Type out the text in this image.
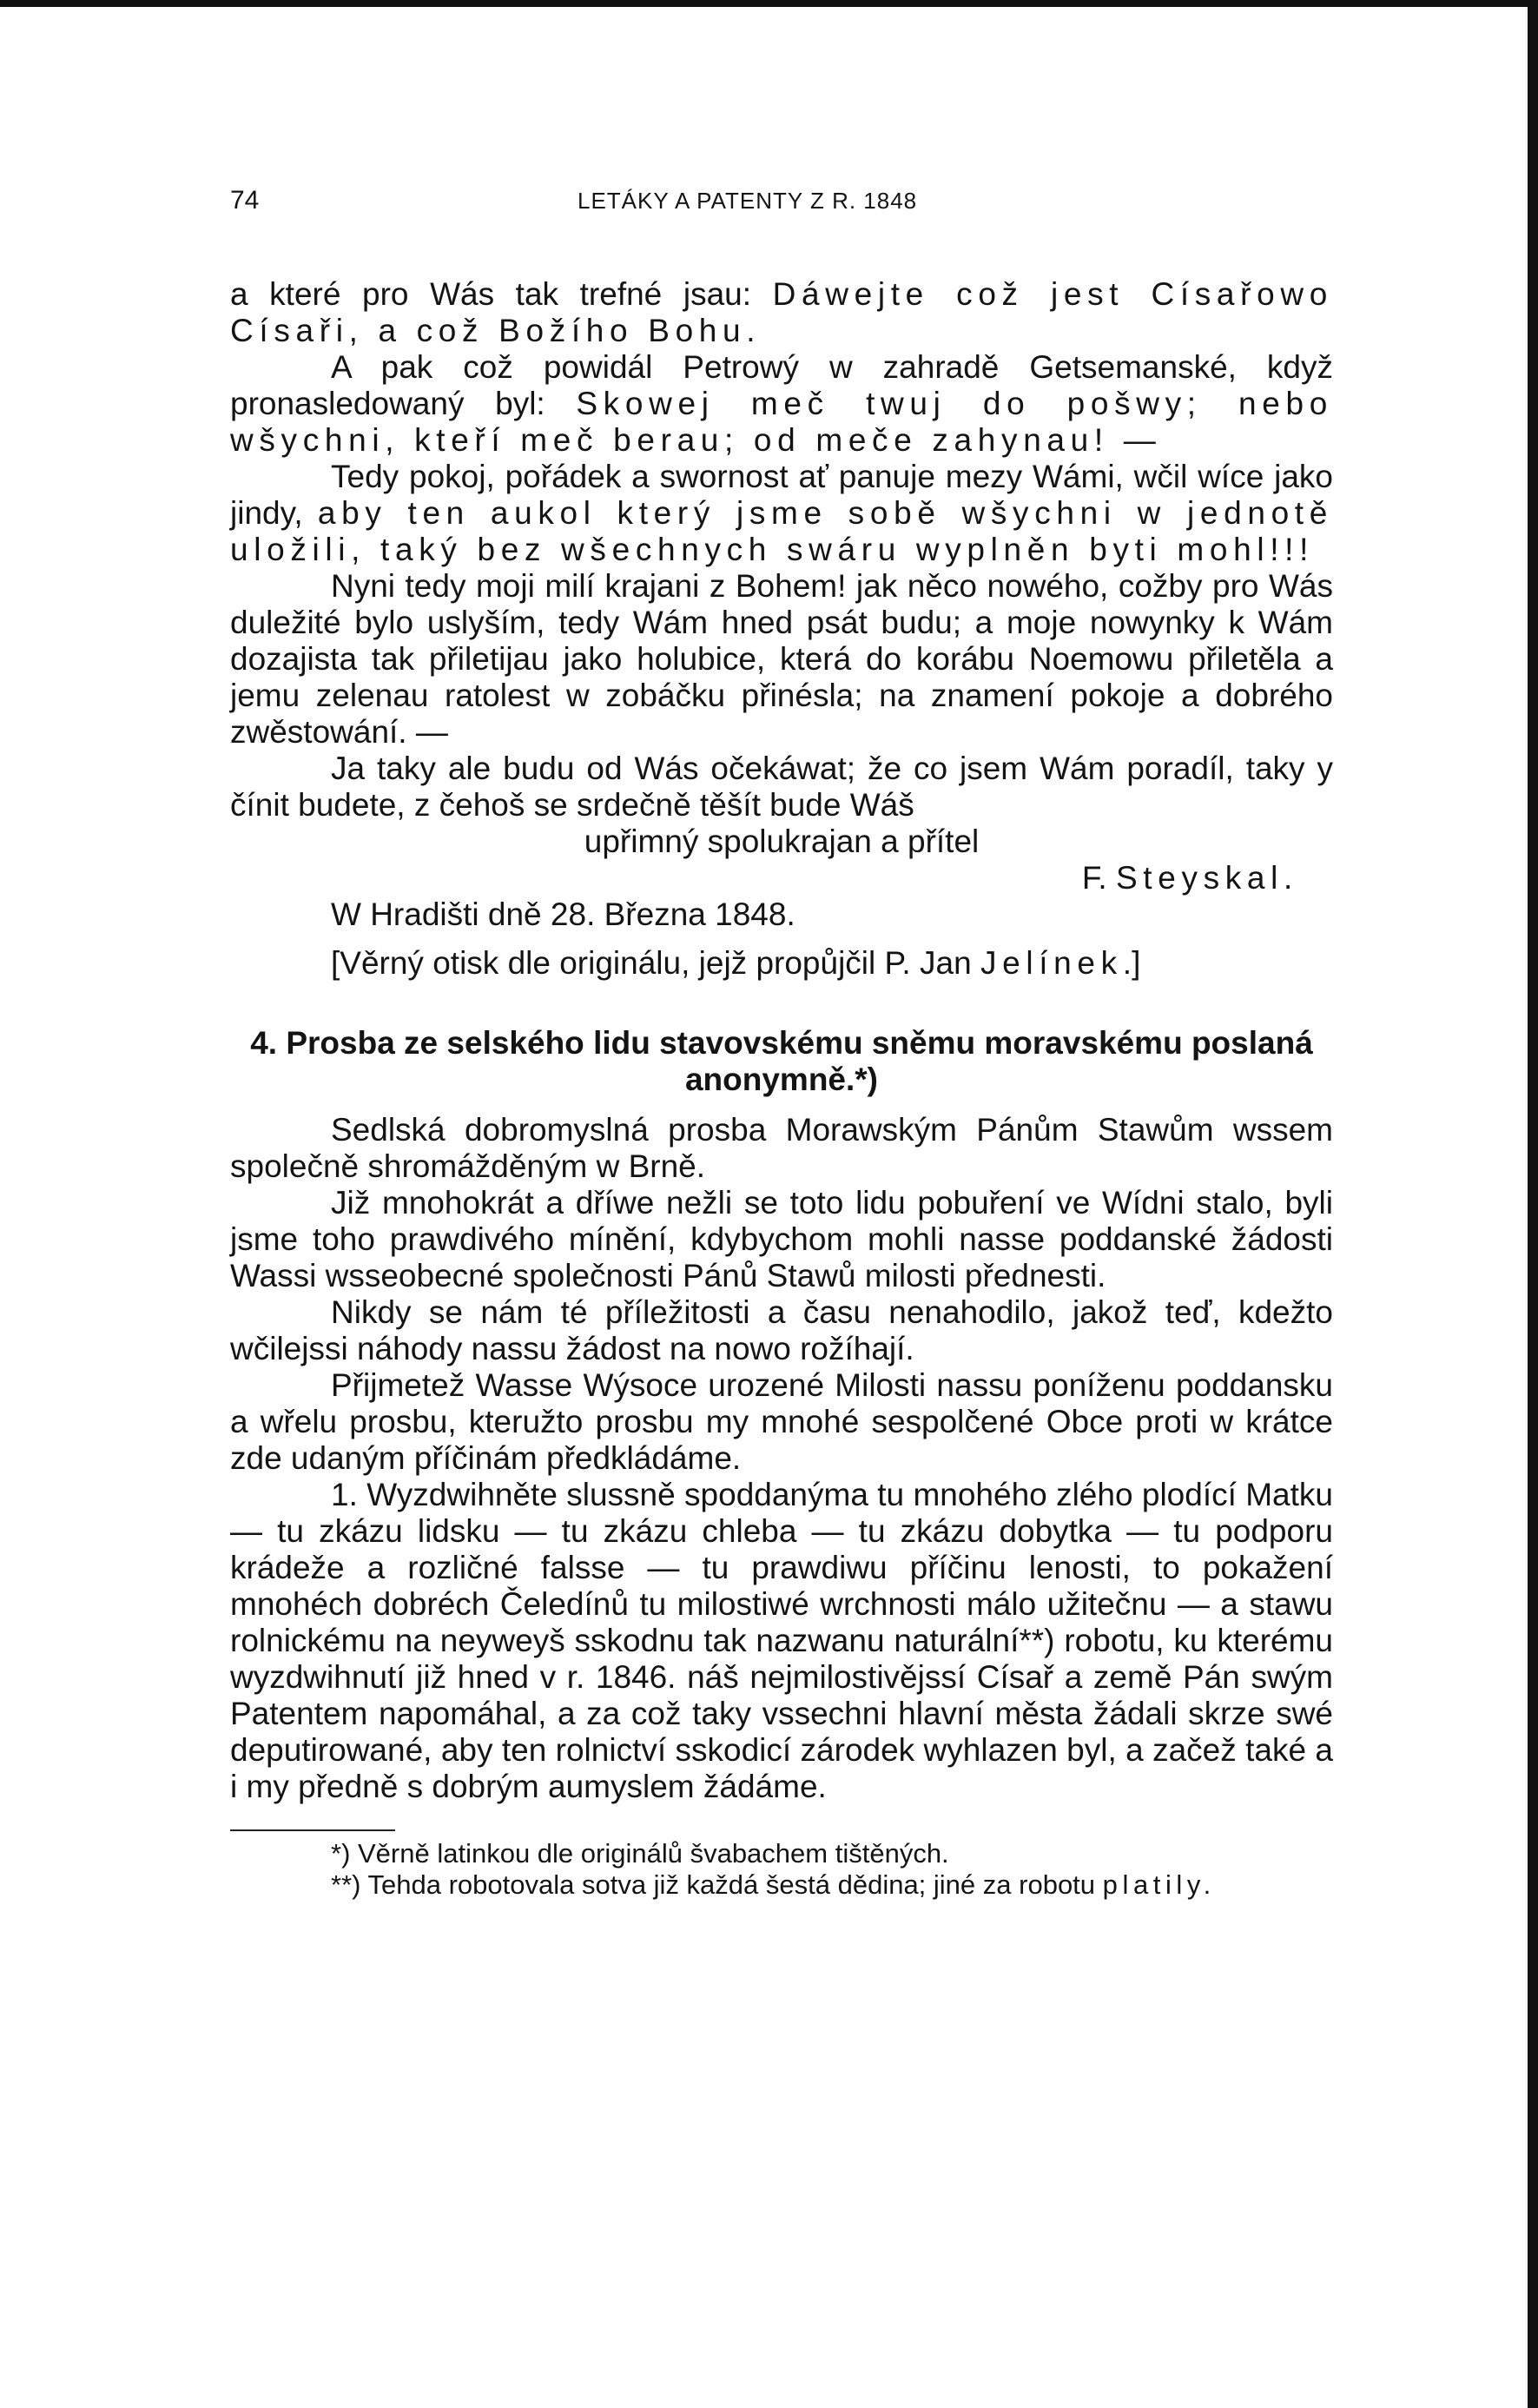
74	LETÁKY A PATENTY Z R. 1848

a které pro Wás tak trefné jsau: Dáwejte což jest Císařowo Císaři, a což Božího Bohu.

A pak což powidál Petrowý w zahradě Getsemanské, když pronasledowaný byl: Skowej meč twuj do pošwy; nebo wšychni, kteří meč berau; od meče zahynau! —

Tedy pokoj, pořádek a swornost ať panuje mezy Wámi, wčil wíce jako jindy, aby ten aukol který jsme sobě wšychni w jednotě uložili, taký bez wšechnych swáru wyplněn byti mohl!!!

Nyni tedy moji milí krajani z Bohem! jak něco nowého, cožby pro Wás duležité bylo uslyším, tedy Wám hned psát budu; a moje nowynky k Wám dozajista tak přiletijau jako holubice, která do korábu Noemowu přiletěla a jemu zelenau ratolest w zobáčku přinésla; na znamení pokoje a dobrého zwěstowání. —

Ja taky ale budu od Wás očekáwat; že co jsem Wám poradíl, taky y čínit budete, z čehoš se srdečně těšít bude Wáš

upřimný spolukrajan a přítel

F. Steyskal.

W Hradišti dně 28. Března 1848.

[Věrný otisk dle originálu, jejž propůjčil P. Jan Jelínek.]

4. Prosba ze selského lidu stavovskému sněmu moravskému poslaná anonymně.*)

Sedlská dobromyslná prosba Morawským Pánům Stawům wssem společně shromážděným w Brně.

Již mnohokrát a dříwe nežli se toto lidu pobuření ve Wídni stalo, byli jsme toho prawdivého mínění, kdybychom mohli nasse poddanské žádosti Wassi wsseobecné společnosti Pánů Stawů milosti přednesti.

Nikdy se nám té příležitosti a času nenahodilo, jakož teď, kdežto wčilejssi náhody nassu žádost na nowo rožíhají.

Přijmetež Wasse Wýsoce urozené Milosti nassu poníženu poddansku a wřelu prosbu, kteružto prosbu my mnohé sespolčené Obce proti w krátce zde udaným příčinám předkládáme.

1. Wyzdwihněte slussně spoddanýma tu mnohého zlého plodící Matku — tu zkázu lidsku — tu zkázu chleba — tu zkázu dobytka — tu podporu krádeže a rozličné falsse — tu prawdiwu příčinu lenosti, to pokažení mnohéch dobréch Čeledínů tu milostiwé wrchnosti málo užitečnu — a stawu rolnickému na neyweyš sskodnu tak nazwanu naturální**) robotu, ku kterému wyzdwihnutí již hned v r. 1846. náš nejmilostivějssí Císař a země Pán swým Patentem napomáhal, a za což taky vssechni hlavní města žádali skrze swé deputirowané, aby ten rolnictví sskodicí zárodek wyhlazen byl, a začež také a i my předně s dobrým aumyslem žádáme.

*) Věrně latinkou dle originálů švabachem tištěných.

**) Tehda robotovala sotva již každá šestá dědina; jiné za robotu platily.
